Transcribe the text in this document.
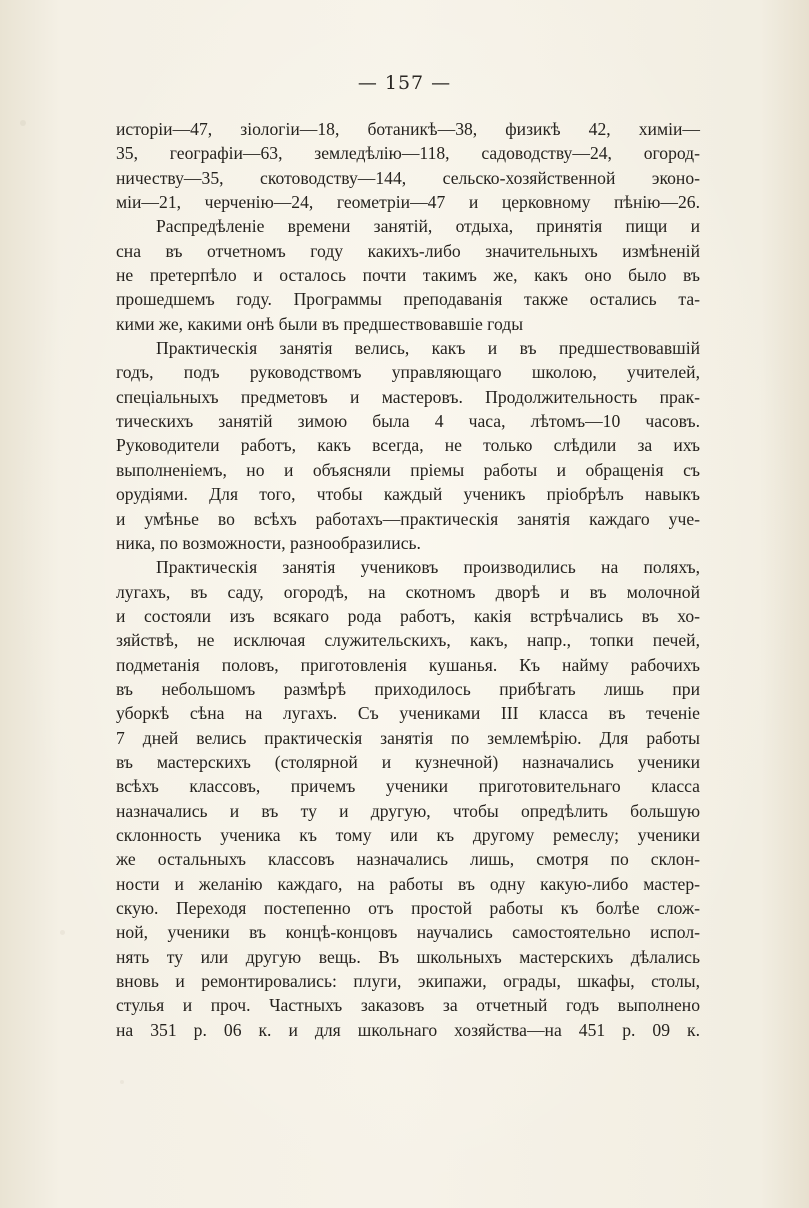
— 157 —
исторіи—47, зіологіи—18, ботаникѣ—38, физикѣ 42, химіи—
35, географіи—63, земледѣлію—118, садоводству—24, огород-
ничеству—35, скотоводству—144, сельско-хозяйственной эконо-
міи—21, черченію—24, геометріи—47 и церковному пѣнію—26.
Распредѣленіе времени занятій, отдыха, принятія пищи и
сна въ отчетномъ году какихъ-либо значительныхъ измѣненій
не претерпѣло и осталось почти такимъ же, какъ оно было въ
прошедшемъ году. Программы преподаванія также остались та-
кими же, какими онѣ были въ предшествовавшіе годы
Практическія занятія велись, какъ и въ предшествовавшій
годъ, подъ руководствомъ управляющаго школою, учителей,
спеціальныхъ предметовъ и мастеровъ. Продолжительность прак-
тическихъ занятій зимою была 4 часа, лѣтомъ—10 часовъ.
Руководители работъ, какъ всегда, не только слѣдили за ихъ
выполненіемъ, но и объясняли пріемы работы и обращенія съ
орудіями. Для того, чтобы каждый ученикъ пріобрѣлъ навыкъ
и умѣнье во всѣхъ работахъ—практическія занятія каждаго уче-
ника, по возможности, разнообразились.
Практическія занятія учениковъ производились на поляхъ,
лугахъ, въ саду, огородѣ, на скотномъ дворѣ и въ молочной
и состояли изъ всякаго рода работъ, какія встрѣчались въ хо-
зяйствѣ, не исключая служительскихъ, какъ, напр., топки печей,
подметанія половъ, приготовленія кушанья. Къ найму рабочихъ
въ небольшомъ размѣрѣ приходилось прибѣгать лишь при
уборкѣ сѣна на лугахъ. Съ учениками III класса въ теченіе
7 дней велись практическія занятія по землемѣрію. Для работы
въ мастерскихъ (столярной и кузнечной) назначались ученики
всѣхъ классовъ, причемъ ученики приготовительнаго класса
назначались и въ ту и другую, чтобы опредѣлить большую
склонность ученика къ тому или къ другому ремеслу; ученики
же остальныхъ классовъ назначались лишь, смотря по склон-
ности и желанію каждаго, на работы въ одну какую-либо мастер-
скую. Переходя постепенно отъ простой работы къ болѣе слож-
ной, ученики въ концѣ-концовъ научались самостоятельно испол-
нять ту или другую вещь. Въ школьныхъ мастерскихъ дѣлались
вновь и ремонтировались: плуги, экипажи, ограды, шкафы, столы,
стулья и проч. Частныхъ заказовъ за отчетный годъ выполнено
на 351 р. 06 к. и для школьнаго хозяйства—на 451 р. 09 к.
